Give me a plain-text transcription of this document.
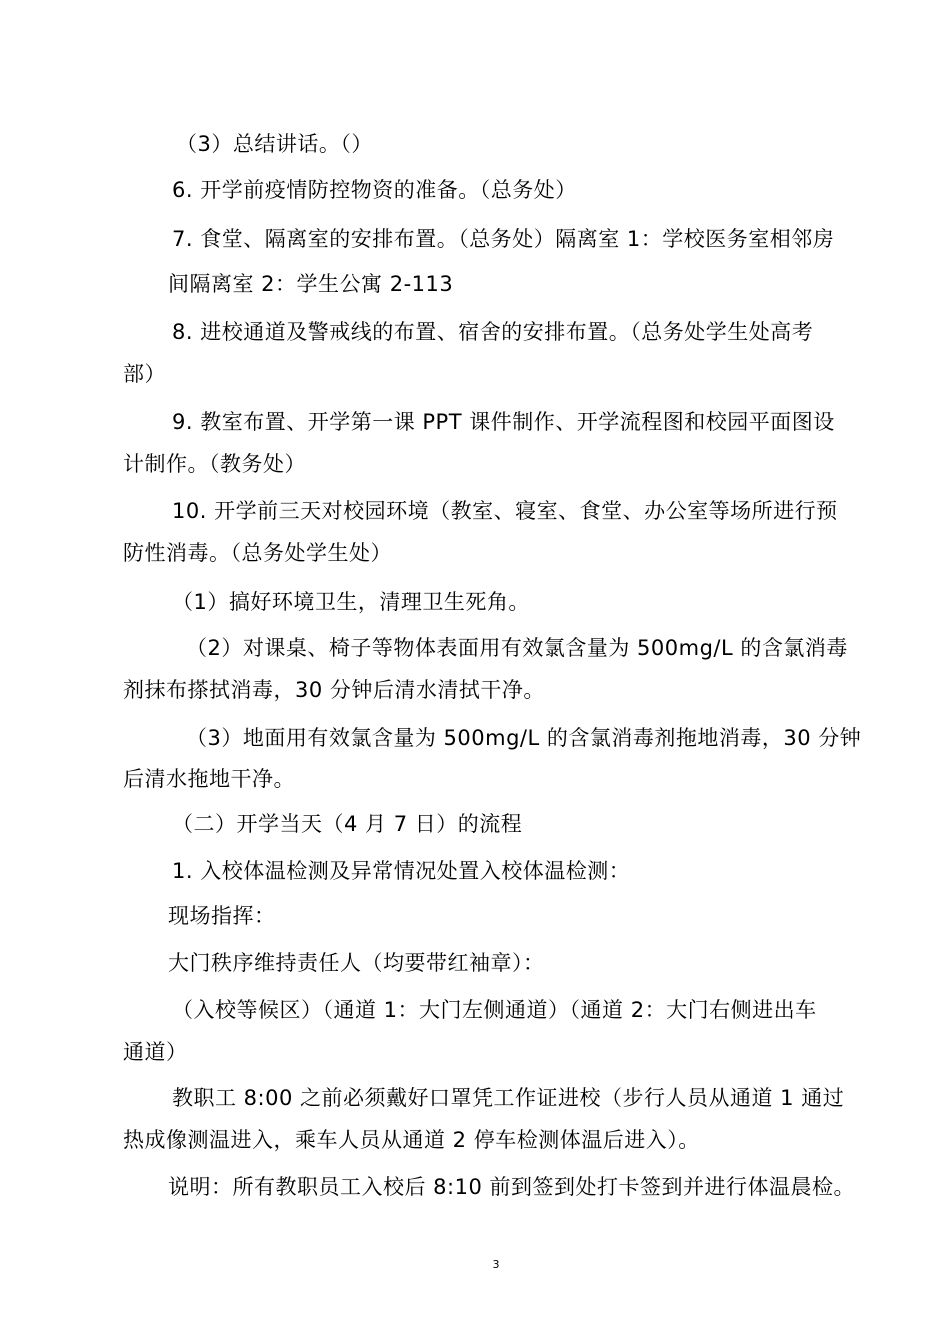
（3）总结讲话。（）
6. 开学前疫情防控物资的准备。（总务处）
7. 食堂、隔离室的安排布置。（总务处）隔离室 1：学校医务室相邻房
间隔离室 2：学生公寓 2-113
8. 进校通道及警戒线的布置、宿舍的安排布置。（总务处学生处高考
部）
9. 教室布置、开学第一课 PPT 课件制作、开学流程图和校园平面图设
计制作。（教务处）
10. 开学前三天对校园环境（教室、寝室、食堂、办公室等场所进行预
防性消毒。（总务处学生处）
（1）搞好环境卫生，清理卫生死角。
（2）对课桌、椅子等物体表面用有效氯含量为 500mg/L 的含氯消毒
剂抹布搽拭消毒，30 分钟后清水清拭干净。
（3）地面用有效氯含量为 500mg/L 的含氯消毒剂拖地消毒，30 分钟
后清水拖地干净。
（二）开学当天（4 月 7 日）的流程
1. 入校体温检测及异常情况处置入校体温检测：
现场指挥：
大门秩序维持责任人（均要带红袖章）：
（入校等候区）（通道 1：大门左侧通道）（通道 2：大门右侧进出车
通道）
教职工 8:00 之前必须戴好口罩凭工作证进校（步行人员从通道 1 通过
热成像测温进入，乘车人员从通道 2 停车检测体温后进入）。
说明：所有教职员工入校后 8:10 前到签到处打卡签到并进行体温晨检。
3
